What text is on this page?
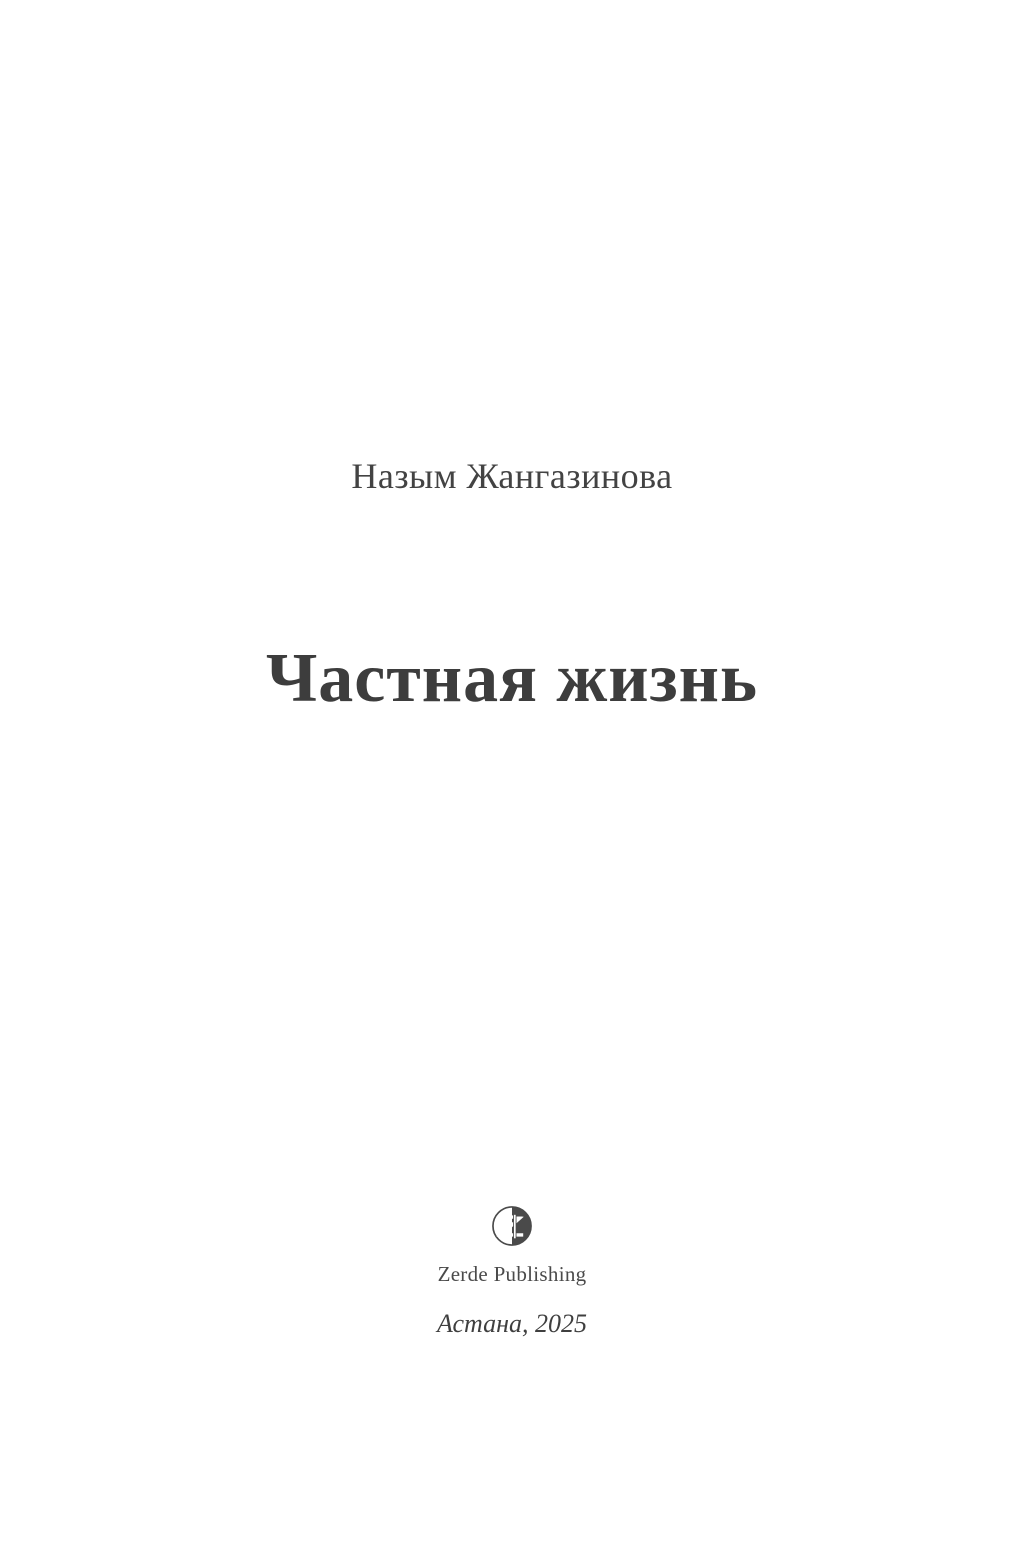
Назым Жангазинова
Частная жизнь
Zerde Publishing
Астана, 2025
